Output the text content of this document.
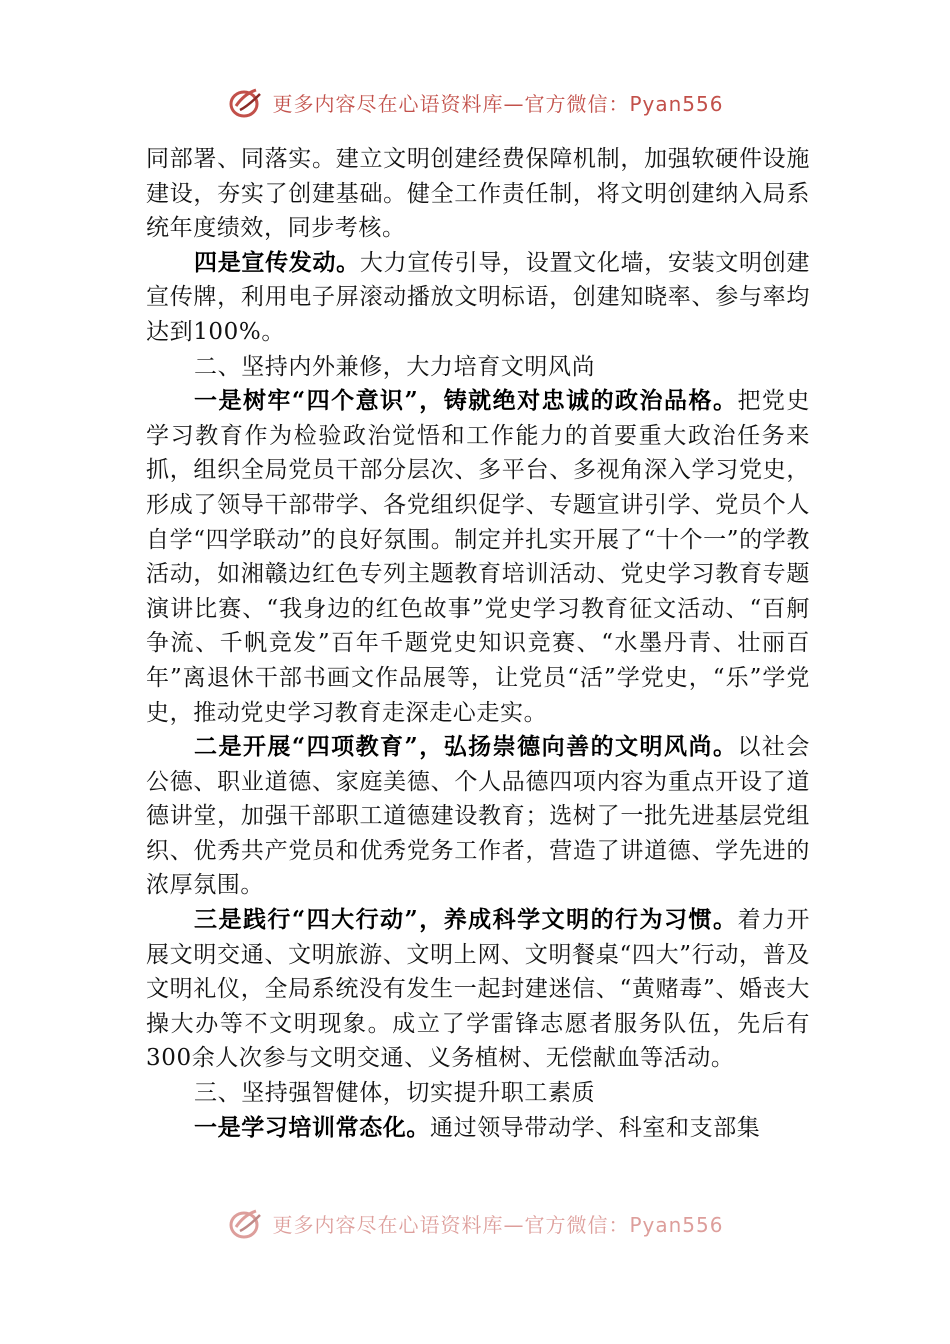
更多内容尽在心语资料库—官方微信：Pyan556

同部署、同落实。建立文明创建经费保障机制，加强软硬件设施建设，夯实了创建基础。健全工作责任制，将文明创建纳入局系统年度绩效，同步考核。

四是宣传发动。大力宣传引导，设置文化墙，安装文明创建宣传牌，利用电子屏滚动播放文明标语，创建知晓率、参与率均达到100%。

二、坚持内外兼修，大力培育文明风尚

一是树牢“四个意识”，铸就绝对忠诚的政治品格。把党史学习教育作为检验政治觉悟和工作能力的首要重大政治任务来抓，组织全局党员干部分层次、多平台、多视角深入学习党史，形成了领导干部带学、各党组织促学、专题宣讲引学、党员个人自学“四学联动”的良好氛围。制定并扎实开展了“十个一”的学教活动，如湘赣边红色专列主题教育培训活动、党史学习教育专题演讲比赛、“我身边的红色故事”党史学习教育征文活动、“百舸争流、千帆竞发”百年千题党史知识竞赛、“水墨丹青、壮丽百年”离退休干部书画文作品展等，让党员“活”学党史，“乐”学党史，推动党史学习教育走深走心走实。

二是开展“四项教育”，弘扬崇德向善的文明风尚。以社会公德、职业道德、家庭美德、个人品德四项内容为重点开设了道德讲堂，加强干部职工道德建设教育；选树了一批先进基层党组织、优秀共产党员和优秀党务工作者，营造了讲道德、学先进的浓厚氛围。

三是践行“四大行动”，养成科学文明的行为习惯。着力开展文明交通、文明旅游、文明上网、文明餐桌“四大”行动，普及文明礼仪，全局系统没有发生一起封建迷信、“黄赌毒”、婚丧大操大办等不文明现象。成立了学雷锋志愿者服务队伍，先后有300余人次参与文明交通、义务植树、无偿献血等活动。

三、坚持强智健体，切实提升职工素质

一是学习培训常态化。通过领导带动学、科室和支部集

更多内容尽在心语资料库—官方微信：Pyan556
